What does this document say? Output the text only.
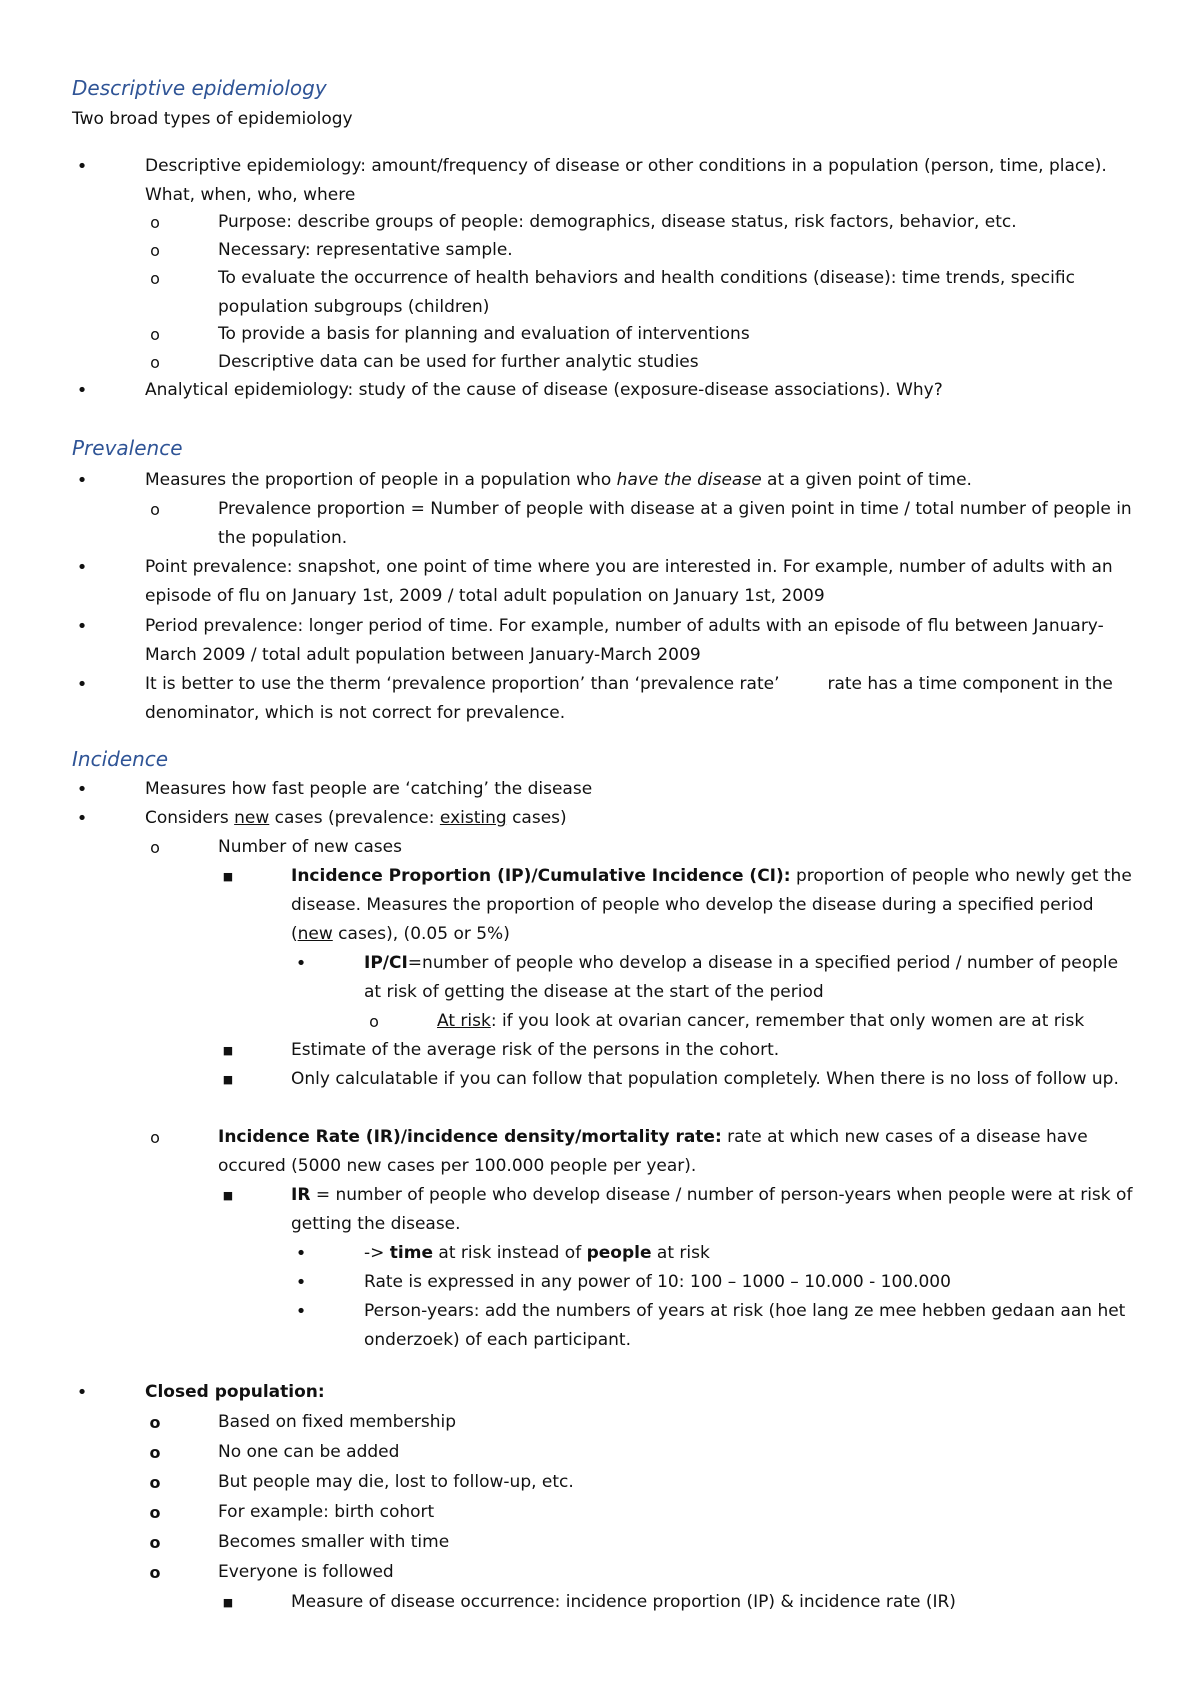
Descriptive epidemiology
Two broad types of epidemiology
•	Descriptive epidemiology: amount/frequency of disease or other conditions in a population (person, time, place). What, when, who, where
o	Purpose: describe groups of people: demographics, disease status, risk factors, behavior, etc.
o	Necessary: representative sample.
o	To evaluate the occurrence of health behaviors and health conditions (disease): time trends, specific population subgroups (children)
o	To provide a basis for planning and evaluation of interventions
o	Descriptive data can be used for further analytic studies
•	Analytical epidemiology: study of the cause of disease (exposure-disease associations). Why?
Prevalence
•	Measures the proportion of people in a population who have the disease at a given point of time.
o	Prevalence proportion = Number of people with disease at a given point in time / total number of people in the population.
•	Point prevalence: snapshot, one point of time where you are interested in. For example, number of adults with an episode of flu on January 1st, 2009 / total adult population on January 1st, 2009
•	Period prevalence: longer period of time. For example, number of adults with an episode of flu between January-March 2009 / total adult population between January-March 2009
•	It is better to use the therm ‘prevalence proportion’ than ‘prevalence rate’	rate has a time component in the denominator, which is not correct for prevalence.
Incidence
•	Measures how fast people are ‘catching’ the disease
•	Considers new cases (prevalence: existing cases)
o	Number of new cases
■	Incidence Proportion (IP)/Cumulative Incidence (CI): proportion of people who newly get the disease. Measures the proportion of people who develop the disease during a specified period (new cases), (0.05 or 5%)
•	IP/CI=number of people who develop a disease in a specified period / number of people at risk of getting the disease at the start of the period
o	At risk: if you look at ovarian cancer, remember that only women are at risk
■	Estimate of the average risk of the persons in the cohort.
■	Only calculatable if you can follow that population completely. When there is no loss of follow up.
o	Incidence Rate (IR)/incidence density/mortality rate: rate at which new cases of a disease have occured (5000 new cases per 100.000 people per year).
■	IR = number of people who develop disease / number of person-years when people were at risk of getting the disease.
•	-> time at risk instead of people at risk
•	Rate is expressed in any power of 10: 100 – 1000 – 10.000 - 100.000
•	Person-years: add the numbers of years at risk (hoe lang ze mee hebben gedaan aan het onderzoek) of each participant.
•	Closed population:
o	Based on fixed membership
o	No one can be added
o	But people may die, lost to follow-up, etc.
o	For example: birth cohort
o	Becomes smaller with time
o	Everyone is followed
■	Measure of disease occurrence: incidence proportion (IP) & incidence rate (IR)
